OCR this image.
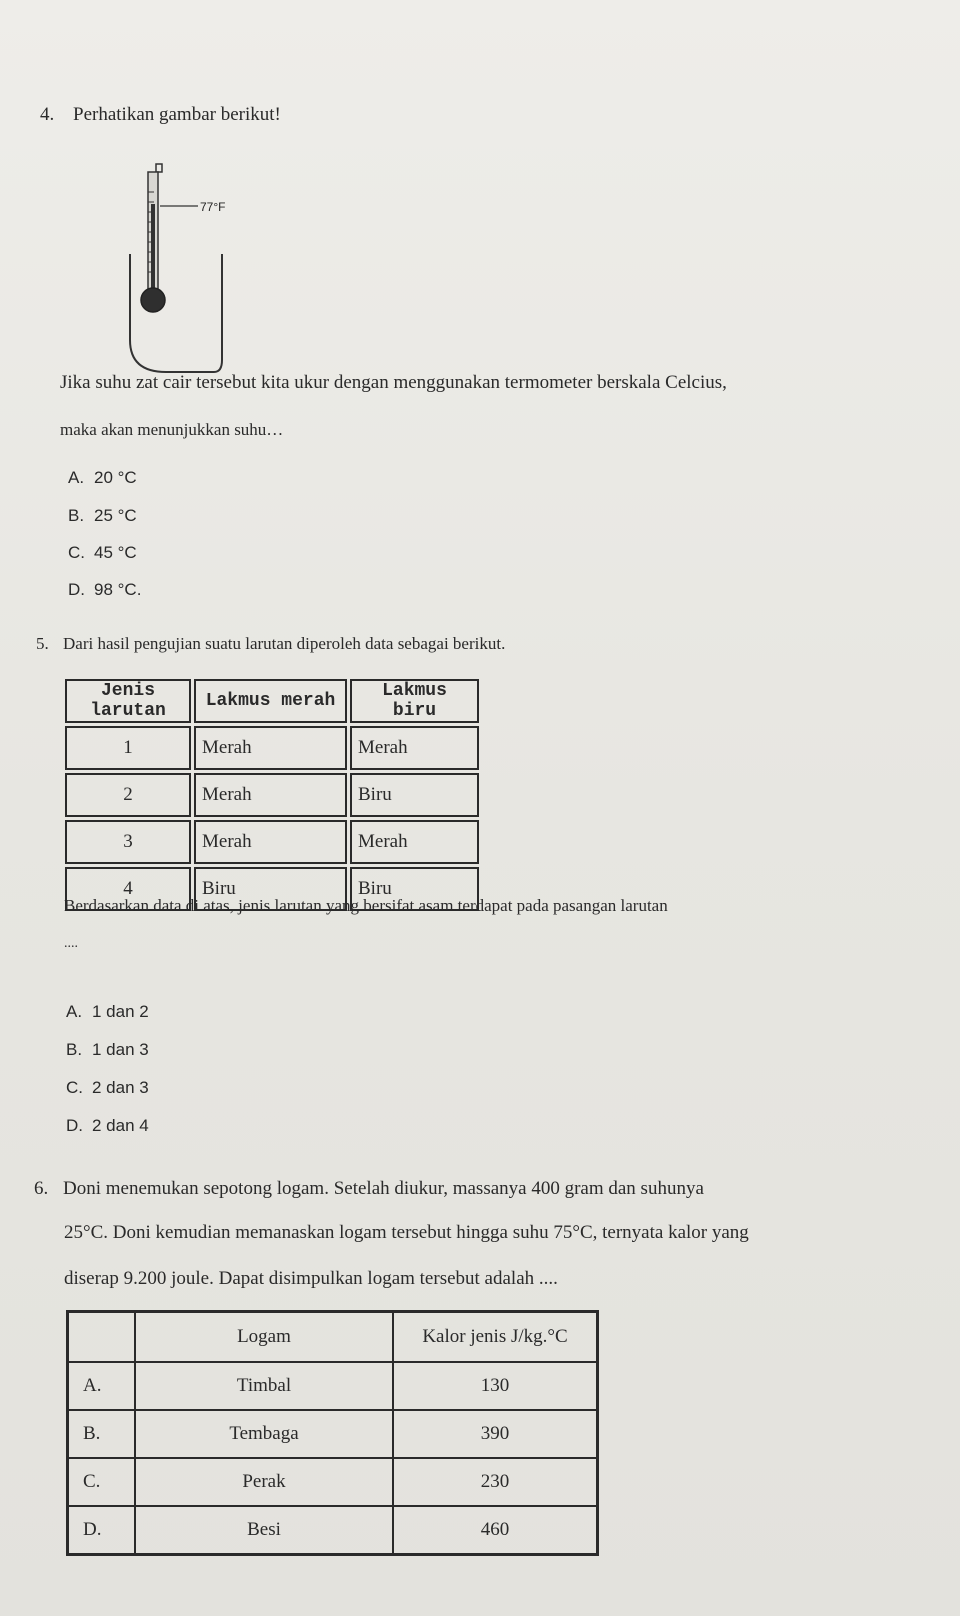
4. Perhatikan gambar berikut!
77°F
Jika suhu zat cair tersebut kita ukur dengan menggunakan termometer berskala Celcius,
maka akan menunjukkan suhu…
A. 20 °C
B. 25 °C
C. 45 °C
D. 98 °C.
5. Dari hasil pengujian suatu larutan diperoleh data sebagai berikut.
Jenis larutan	Lakmus merah	Lakmus biru
1	Merah	Merah
2	Merah	Biru
3	Merah	Merah
4	Biru	Biru
Berdasarkan data di atas, jenis larutan yang bersifat asam terdapat pada pasangan larutan
....
A. 1 dan 2
B. 1 dan 3
C. 2 dan 3
D. 2 dan 4
6. Doni menemukan sepotong logam. Setelah diukur, massanya 400 gram dan suhunya
25°C. Doni kemudian memanaskan logam tersebut hingga suhu 75°C, ternyata kalor yang
diserap 9.200 joule. Dapat disimpulkan logam tersebut adalah ....
	Logam	Kalor jenis J/kg.°C
A.	Timbal	130
B.	Tembaga	390
C.	Perak	230
D.	Besi	460
